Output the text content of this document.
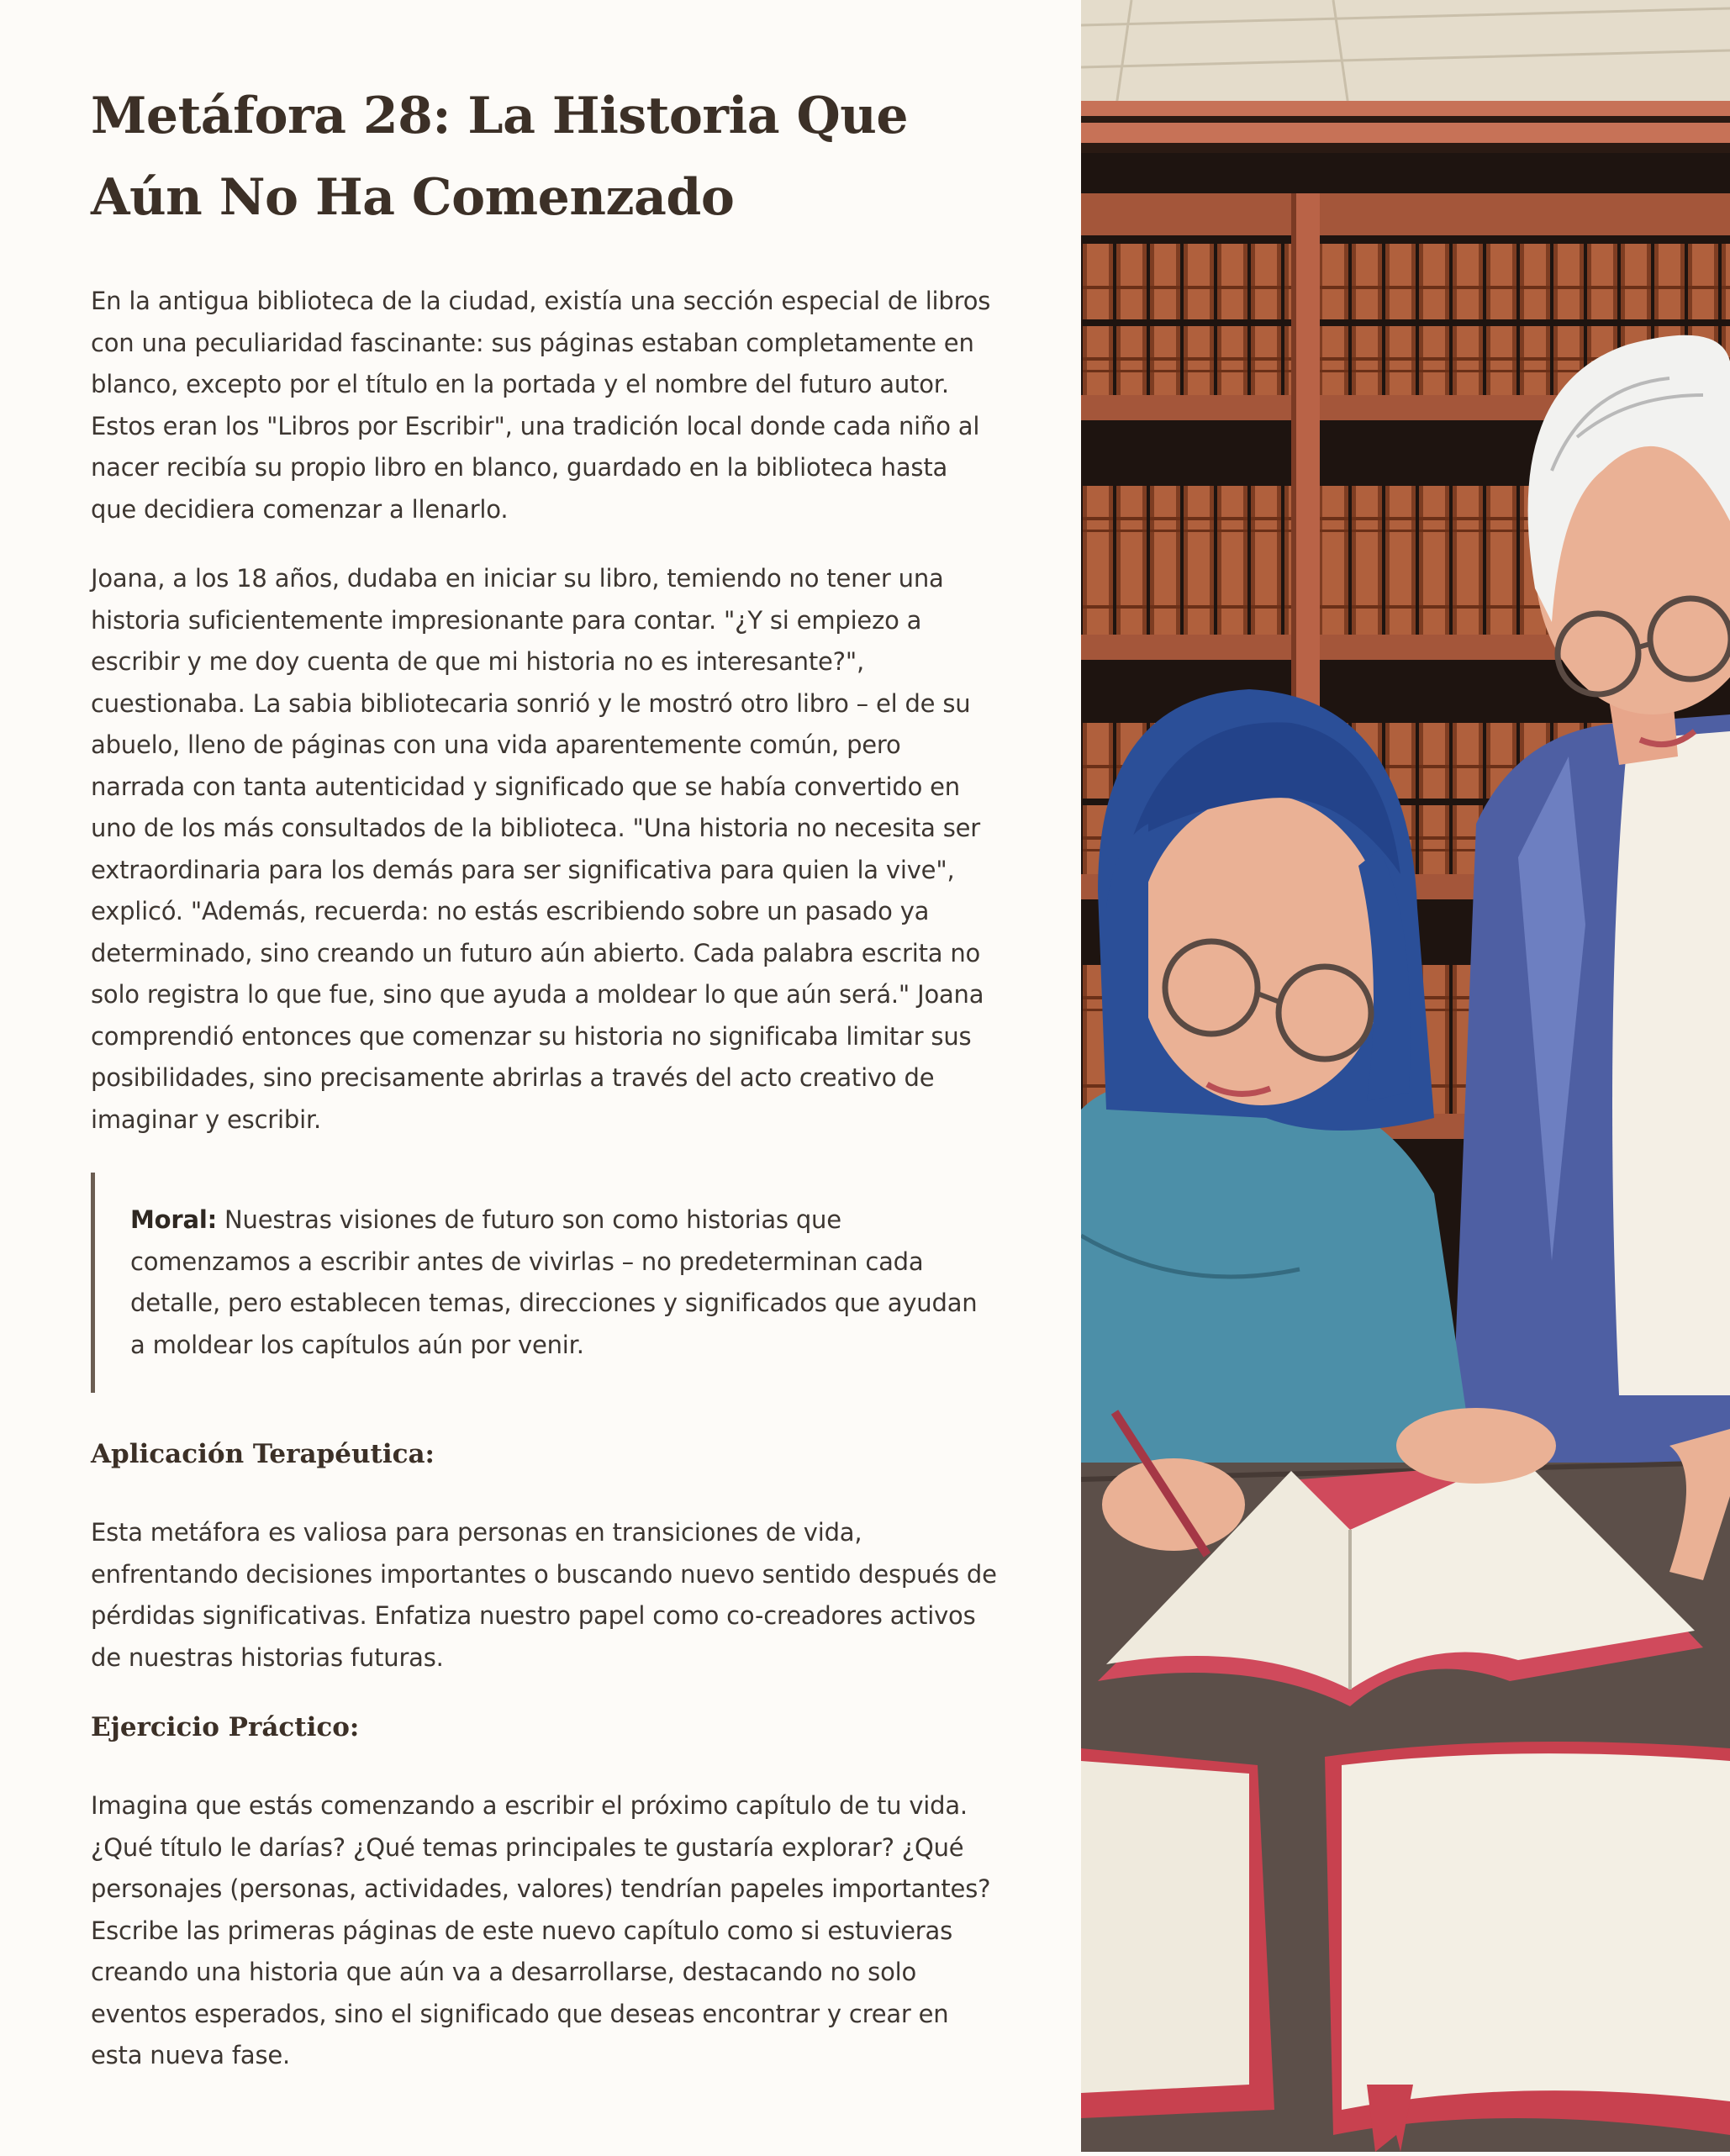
Metáfora 28: La Historia Que
Aún No Ha Comenzado

En la antigua biblioteca de la ciudad, existía una sección especial de libros con una peculiaridad fascinante: sus páginas estaban completamente en blanco, excepto por el título en la portada y el nombre del futuro autor. Estos eran los "Libros por Escribir", una tradición local donde cada niño al nacer recibía su propio libro en blanco, guardado en la biblioteca hasta que decidiera comenzar a llenarlo.

Joana, a los 18 años, dudaba en iniciar su libro, temiendo no tener una historia suficientemente impresionante para contar. "¿Y si empiezo a escribir y me doy cuenta de que mi historia no es interesante?", cuestionaba. La sabia bibliotecaria sonrió y le mostró otro libro – el de su abuelo, lleno de páginas con una vida aparentemente común, pero narrada con tanta autenticidad y significado que se había convertido en uno de los más consultados de la biblioteca. "Una historia no necesita ser extraordinaria para los demás para ser significativa para quien la vive", explicó. "Además, recuerda: no estás escribiendo sobre un pasado ya determinado, sino creando un futuro aún abierto. Cada palabra escrita no solo registra lo que fue, sino que ayuda a moldear lo que aún será." Joana comprendió entonces que comenzar su historia no significaba limitar sus posibilidades, sino precisamente abrirlas a través del acto creativo de imaginar y escribir.

Moral: Nuestras visiones de futuro son como historias que comenzamos a escribir antes de vivirlas – no predeterminan cada detalle, pero establecen temas, direcciones y significados que ayudan a moldear los capítulos aún por venir.

Aplicación Terapéutica:

Esta metáfora es valiosa para personas en transiciones de vida, enfrentando decisiones importantes o buscando nuevo sentido después de pérdidas significativas. Enfatiza nuestro papel como co-creadores activos de nuestras historias futuras.

Ejercicio Práctico:

Imagina que estás comenzando a escribir el próximo capítulo de tu vida. ¿Qué título le darías? ¿Qué temas principales te gustaría explorar? ¿Qué personajes (personas, actividades, valores) tendrían papeles importantes? Escribe las primeras páginas de este nuevo capítulo como si estuvieras creando una historia que aún va a desarrollarse, destacando no solo eventos esperados, sino el significado que deseas encontrar y crear en esta nueva fase.
